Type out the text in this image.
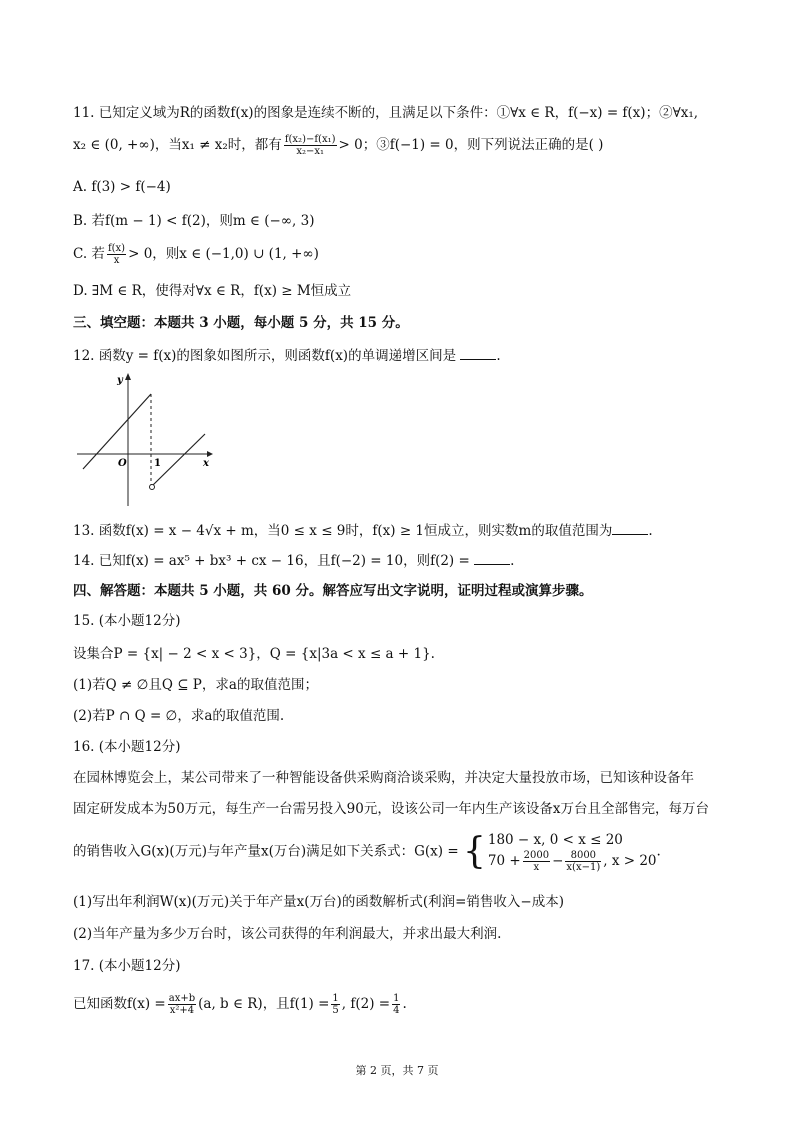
11. 已知定义域为R的函数f(x)的图象是连续不断的，且满足以下条件：①∀x ∈ R，f(−x) = f(x)；②∀x₁,
x₂ ∈ (0, +∞)，当x₁ ≠ x₂时，都有 $\frac{\text{f(x₂)−f(x₁)}}{\text{x₂−x₁}} > 0$；③f(−1) = 0，则下列说法正确的是( )
A. f(3) > f(−4)
B. 若f(m − 1) < f(2)，则m ∈ (−∞, 3)
C. 若 $\frac{f(x)}{x} > 0$，则x ∈ (−1,0) ∪ (1, +∞)
D. ∃M ∈ R，使得对∀x ∈ R，f(x) ≥ M恒成立
三、填空题：本题共 3 小题，每小题 5 分，共 15 分。
12. 函数y = f(x)的图象如图所示，则函数f(x)的单调递增区间是	.
y
x
O	1
13. 函数f(x) = x − 4√x + m，当0 ≤ x ≤ 9时，f(x) ≥ 1恒成立，则实数m的取值范围为	.
14. 已知f(x) = ax⁵ + bx³ + cx − 16，且f(−2) = 10，则f(2) =	.
四、解答题：本题共 5 小题，共 60 分。解答应写出文字说明，证明过程或演算步骤。
15. (本小题12分)
设集合P = {x| − 2 < x < 3}，Q = {x|3a < x ≤ a + 1}.
(1)若Q ≠ ∅且Q ⊆ P，求a的取值范围；
(2)若P ∩ Q = ∅，求a的取值范围.
16. (本小题12分)
在园林博览会上，某公司带来了一种智能设备供采购商洽谈采购，并决定大量投放市场，已知该种设备年
固定研发成本为50万元，每生产一台需另投入90元，设该公司一年内生产该设备x万台且全部售完，每万台
的销售收入G(x)(万元)与年产量x(万台)满足如下关系式：G(x) = { 180 − x, 0 < x ≤ 20
$70 + \frac{2000}{x} - \frac{8000}{x(x-1)}$ , x > 20
.
(1)写出年利润W(x)(万元)关于年产量x(万台)的函数解析式(利润=销售收入−成本)
(2)当年产量为多少万台时，该公司获得的年利润最大，并求出最大利润.
17. (本小题12分)
已知函数$f(x) = \frac{ax+b}{\text{x²+4}} (a$, b ∈ R)，且$f(1) = \frac{1}{5}$ , $f(2) = \frac{1}{4}$ .
第 2 页，共 7 页
